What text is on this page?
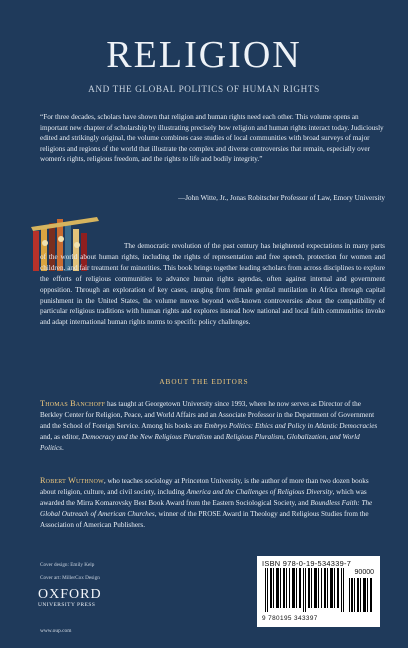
RELIGION
AND THE GLOBAL POLITICS OF HUMAN RIGHTS
“For three decades, scholars have shown that religion and human rights need each other. This volume opens an important new chapter of scholarship by illustrating precisely how religion and human rights interact today. Judiciously edited and strikingly original, the volume combines case studies of local communities with broad surveys of major religions and regions of the world that illustrate the complex and diverse controversies that remain, especially over women's rights, religious freedom, and the rights to life and bodily integrity.”
—John Witte, Jr., Jonas Robitscher Professor of Law, Emory University
The democratic revolution of the past century has heightened expectations in many parts of the world about human rights, including the rights of representation and free speech, protection for women and children, and fair treatment for minorities. This book brings together leading scholars from across disciplines to explore the efforts of religious communities to advance human rights agendas, often against internal and government opposition. Through an exploration of key cases, ranging from female genital mutilation in Africa through capital punishment in the United States, the volume moves beyond well-known controversies about the compatibility of particular religious traditions with human rights and explores instead how national and local faith communities invoke and adapt international human rights norms to specific policy challenges.
ABOUT THE EDITORS
Thomas Banchoff has taught at Georgetown University since 1993, where he now serves as Director of the Berkley Center for Religion, Peace, and World Affairs and an Associate Professor in the Department of Government and the School of Foreign Service. Among his books are Embryo Politics: Ethics and Policy in Atlantic Democracies and, as editor, Democracy and the New Religious Pluralism and Religious Pluralism, Globalization, and World Politics.
Robert Wuthnow, who teaches sociology at Princeton University, is the author of more than two dozen books about religion, culture, and civil society, including America and the Challenges of Religious Diversity, which was awarded the Mirra Komarovsky Best Book Award from the Eastern Sociological Society, and Boundless Faith: The Global Outreach of American Churches, winner of the PROSE Award in Theology and Religious Studies from the Association of American Publishers.
Cover design: Emily Kelp
Cover art: MillerCox Design
OXFORD
UNIVERSITY PRESS
www.oup.com
ISBN 978-0-19-534339-7
90000
9 780195 343397
